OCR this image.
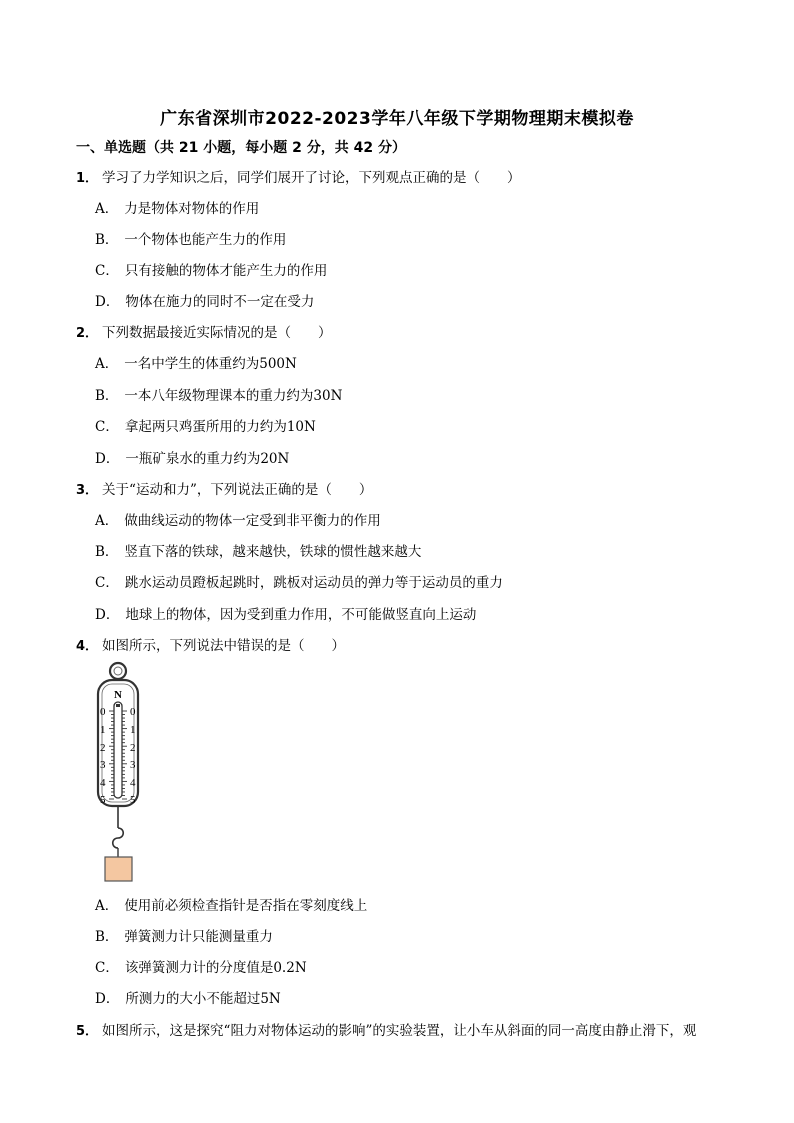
广东省深圳市2022-2023学年八年级下学期物理期末模拟卷
一、单选题（共 21 小题，每小题 2 分，共 42 分）
1． 学习了力学知识之后，同学们展开了讨论，下列观点正确的是（　　）
A． 力是物体对物体的作用
B． 一个物体也能产生力的作用
C． 只有接触的物体才能产生力的作用
D． 物体在施力的同时不一定在受力
2． 下列数据最接近实际情况的是（　　）
A． 一名中学生的体重约为500N
B． 一本八年级物理课本的重力约为30N
C． 拿起两只鸡蛋所用的力约为10N
D． 一瓶矿泉水的重力约为20N
3． 关于“运动和力”，下列说法正确的是（　　）
A． 做曲线运动的物体一定受到非平衡力的作用
B． 竖直下落的铁球，越来越快，铁球的惯性越来越大
C． 跳水运动员蹬板起跳时，跳板对运动员的弹力等于运动员的重力
D． 地球上的物体，因为受到重力作用，不可能做竖直向上运动
4． 如图所示，下列说法中错误的是（　　）
N
0
1
2
3
4
5
0
1
2
3
4
5
A． 使用前必须检查指针是否指在零刻度线上
B． 弹簧测力计只能测量重力
C． 该弹簧测力计的分度值是0.2N
D． 所测力的大小不能超过5N
5． 如图所示，这是探究“阻力对物体运动的影响”的实验装置，让小车从斜面的同一高度由静止滑下，观
